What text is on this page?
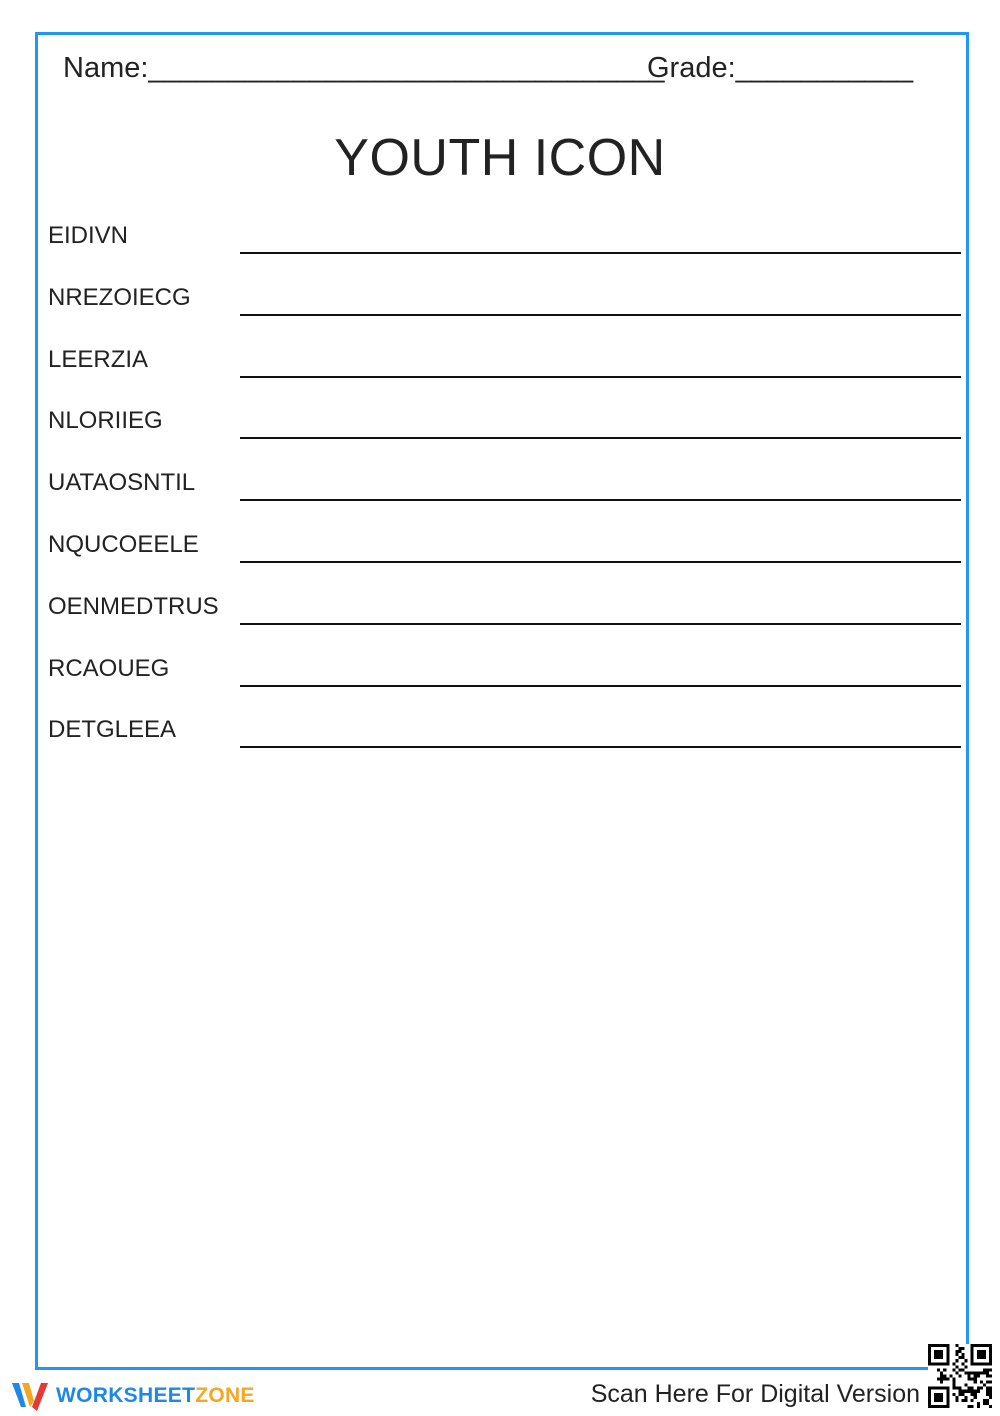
Name:________________________________
Grade:___________
YOUTH ICON
EIDIVN
NREZOIECG
LEERZIA
NLORIIEG
UATAOSNTIL
NQUCOEELE
OENMEDTRUS
RCAOUEG
DETGLEEA
WORKSHEETZONE	Scan Here For Digital Version
